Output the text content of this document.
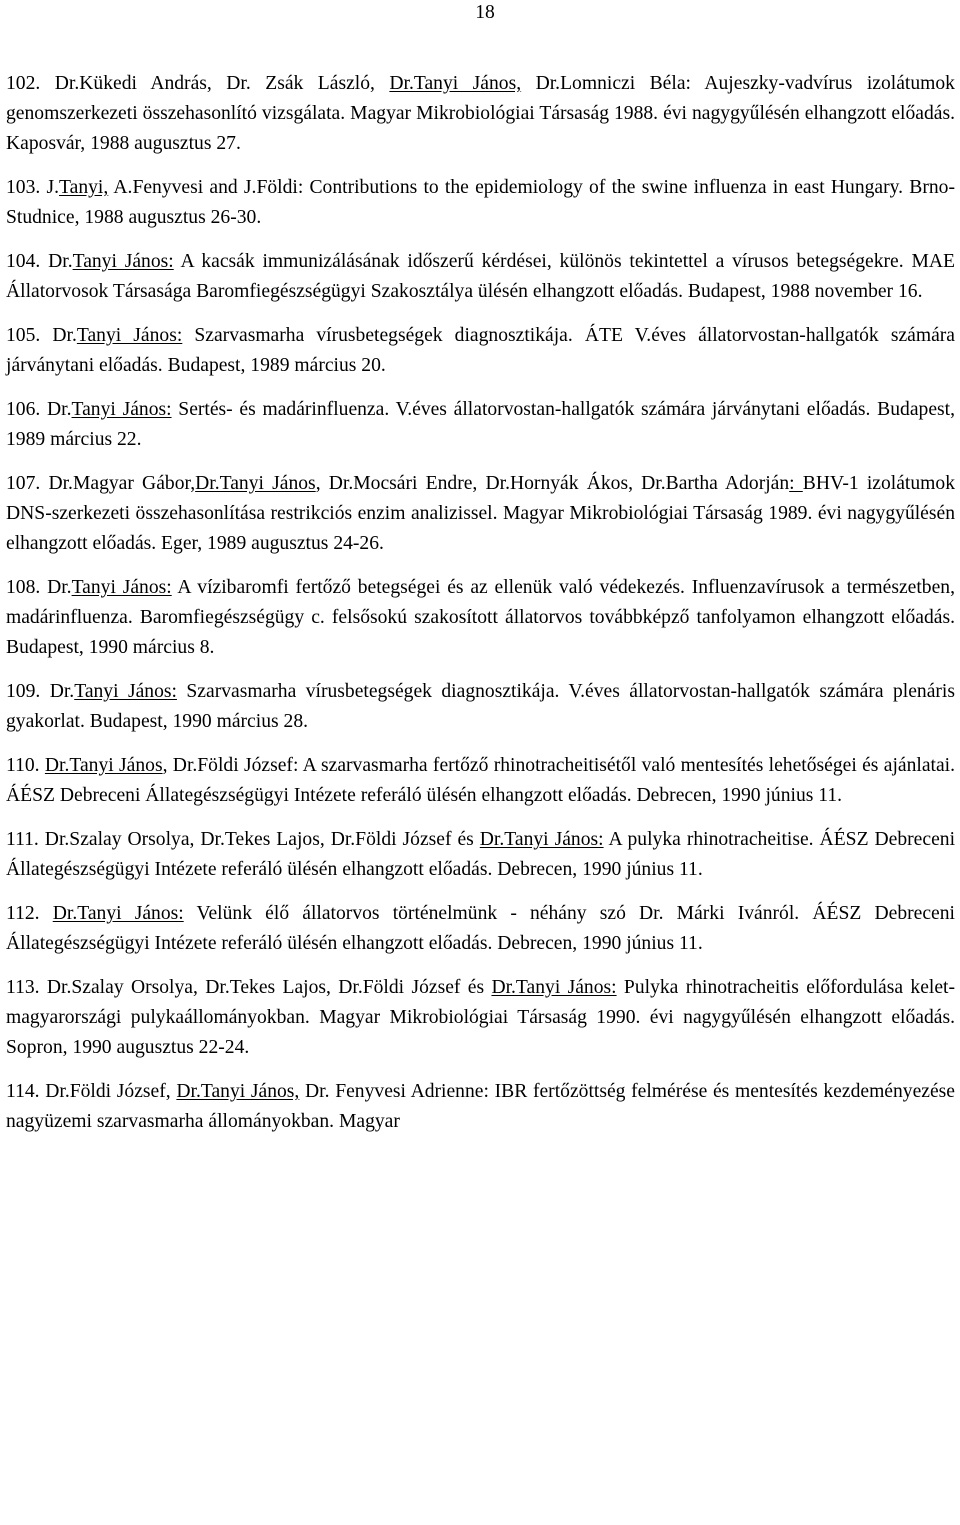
18
102. Dr.Kükedi András, Dr. Zsák László, Dr.Tanyi János, Dr.Lomniczi Béla: Aujeszky-vadvírus izolátumok genomszerkezeti összehasonlító vizsgálata. Magyar Mikrobiológiai Társaság 1988. évi nagygyűlésén elhangzott előadás. Kaposvár, 1988 augusztus 27.
103. J.Tanyi, A.Fenyvesi and J.Földi: Contributions to the epidemiology of the swine influenza in east Hungary. Brno-Studnice, 1988 augusztus 26-30.
104. Dr.Tanyi János: A kacsák immunizálásának időszerű kérdései, különös tekintettel a vírusos betegségekre. MAE Állatorvosok Társasága Baromfiegészségügyi Szakosztálya ülésén elhangzott előadás. Budapest, 1988 november 16.
105. Dr.Tanyi János: Szarvasmarha vírusbetegségek diagnosztikája. ÁTE V.éves állatorvostan-hallgatók számára járványtani előadás. Budapest, 1989 március 20.
106. Dr.Tanyi János: Sertés- és madárinfluenza. V.éves állatorvostan-hallgatók számára járványtani előadás. Budapest, 1989 március 22.
107. Dr.Magyar Gábor,Dr.Tanyi János, Dr.Mocsári Endre, Dr.Hornyák Ákos, Dr.Bartha Adorján: BHV-1 izolátumok DNS-szerkezeti összehasonlítása restrikciós enzim analizissel. Magyar Mikrobiológiai Társaság 1989. évi nagygyűlésén elhangzott előadás. Eger, 1989 augusztus 24-26.
108. Dr.Tanyi János: A vízibaromfi fertőző betegségei és az ellenük való védekezés. Influenzavírusok a természetben, madárinfluenza. Baromfiegészségügy c. felsősokú szakosított állatorvos továbbképző tanfolyamon elhangzott előadás. Budapest, 1990 március 8.
109. Dr.Tanyi János: Szarvasmarha vírusbetegségek diagnosztikája. V.éves állatorvostan-hallgatók számára plenáris gyakorlat. Budapest, 1990 március 28.
110. Dr.Tanyi János, Dr.Földi József: A szarvasmarha fertőző rhinotracheitisétől való mentesítés lehetőségei és ajánlatai. ÁÉSZ Debreceni Állategészségügyi Intézete referáló ülésén elhangzott előadás. Debrecen, 1990 június 11.
111. Dr.Szalay Orsolya, Dr.Tekes Lajos, Dr.Földi József és Dr.Tanyi János: A pulyka rhinotracheitise. ÁÉSZ Debreceni Állategészségügyi Intézete referáló ülésén elhangzott előadás. Debrecen, 1990 június 11.
112. Dr.Tanyi János: Velünk élő állatorvos történelmünk - néhány szó Dr. Márki Ivánról. ÁÉSZ Debreceni Állategészségügyi Intézete referáló ülésén elhangzott előadás. Debrecen, 1990 június 11.
113. Dr.Szalay Orsolya, Dr.Tekes Lajos, Dr.Földi József és Dr.Tanyi János: Pulyka rhinotracheitis előfordulása kelet-magyarországi pulykaállományokban. Magyar Mikrobiológiai Társaság 1990. évi nagygyűlésén elhangzott előadás. Sopron, 1990 augusztus 22-24.
114. Dr.Földi József, Dr.Tanyi János, Dr. Fenyvesi Adrienne: IBR fertőzöttség felmérése és mentesítés kezdeményezése nagyüzemi szarvasmarha állományokban. Magyar
